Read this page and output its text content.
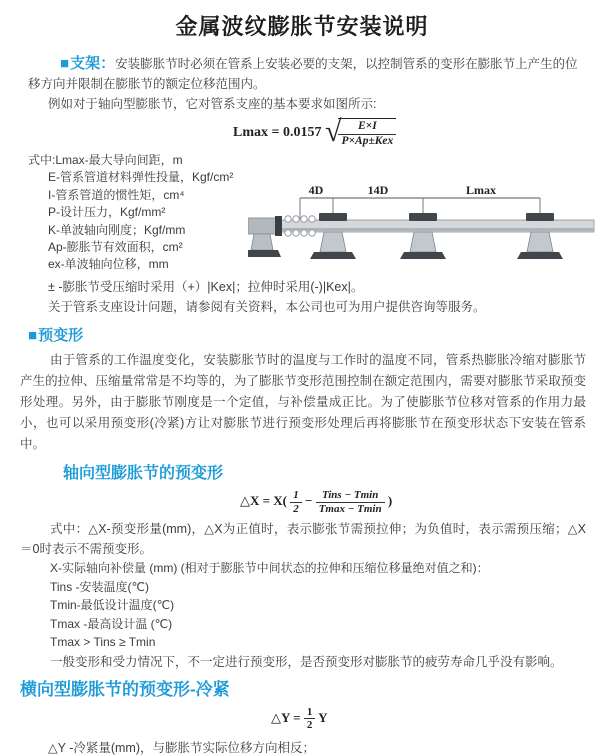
金属波纹膨胀节安装说明

■支架：安装膨胀节时必须在管系上安装必要的支架，以控制管系的变形在膨胀节上产生的位移方向并限制在膨胀节的额定位移范围内。

例如对于轴向型膨胀节，它对管系支座的基本要求如图所示:

Lmax = 0.0157 √
$\frac{E\times I}{\text{P×Ap±Kex}}$
式中:Lmax-最大导向间距，m
E-管系管道材料弹性投量，Kgf/cm²
I-管系管道的惯性矩，cm⁴
P-设计压力，Kgf/mm²
K-单波轴向刚度；Kgf/mm
Ap-膨胀节有效面积，cm²
ex-单波轴向位移，mm
4D	14D	Lmax

± -膨胀节受压缩时采用（+）|Kex|；拉伸时采用(-)|Kex|。

关于管系支座设计问题，请参阅有关资料，本公司也可为用户提供咨询等服务。

■预变形

由于管系的工作温度变化，安装膨胀节时的温度与工作时的温度不同，管系热膨胀冷缩对膨胀节产生的拉伸、压缩量常常是不均等的，为了膨胀节变形范围控制在额定范围内，需要对膨胀节采取预变形处理。另外，由于膨胀节刚度是一个定值，与补偿量成正比。为了使膨胀节位移对管系的作用力最小，也可以采用预变形(冷紧)方让对膨胀节进行预变形处理后再将膨胀节在预变形状态下安装在管系中。

轴向型膨胀节的预变形
△X = $X( \frac{1}{2} - \frac{\text{Tins − Tmin}}{Tmax - Tmin}$ )

式中：△X-预变形量(mm)，△X为正值时，表示膨张节需预拉伸；为负值时，表示需预压缩；△X＝0时表示不需预变形。

X-实际轴向补偿量 (mm) (相对于膨胀节中间状态的拉伸和压缩位移量绝对值之和)：
Tins -安装温度(℃)
Tmin-最低设计温度(℃)
Tmax -最高设计温 (℃)
Tmax > Tins ≥ Tmin

一般变形和受力情况下，不一定进行预变形，是否预变形对膨胀节的疲劳寿命几乎没有影响。

横向型膨胀节的预变形-冷紧
△Y = $\frac{1}{2}$ Y

△Y -冷紧量(mm)，与膨胀节实际位移方向相反；
